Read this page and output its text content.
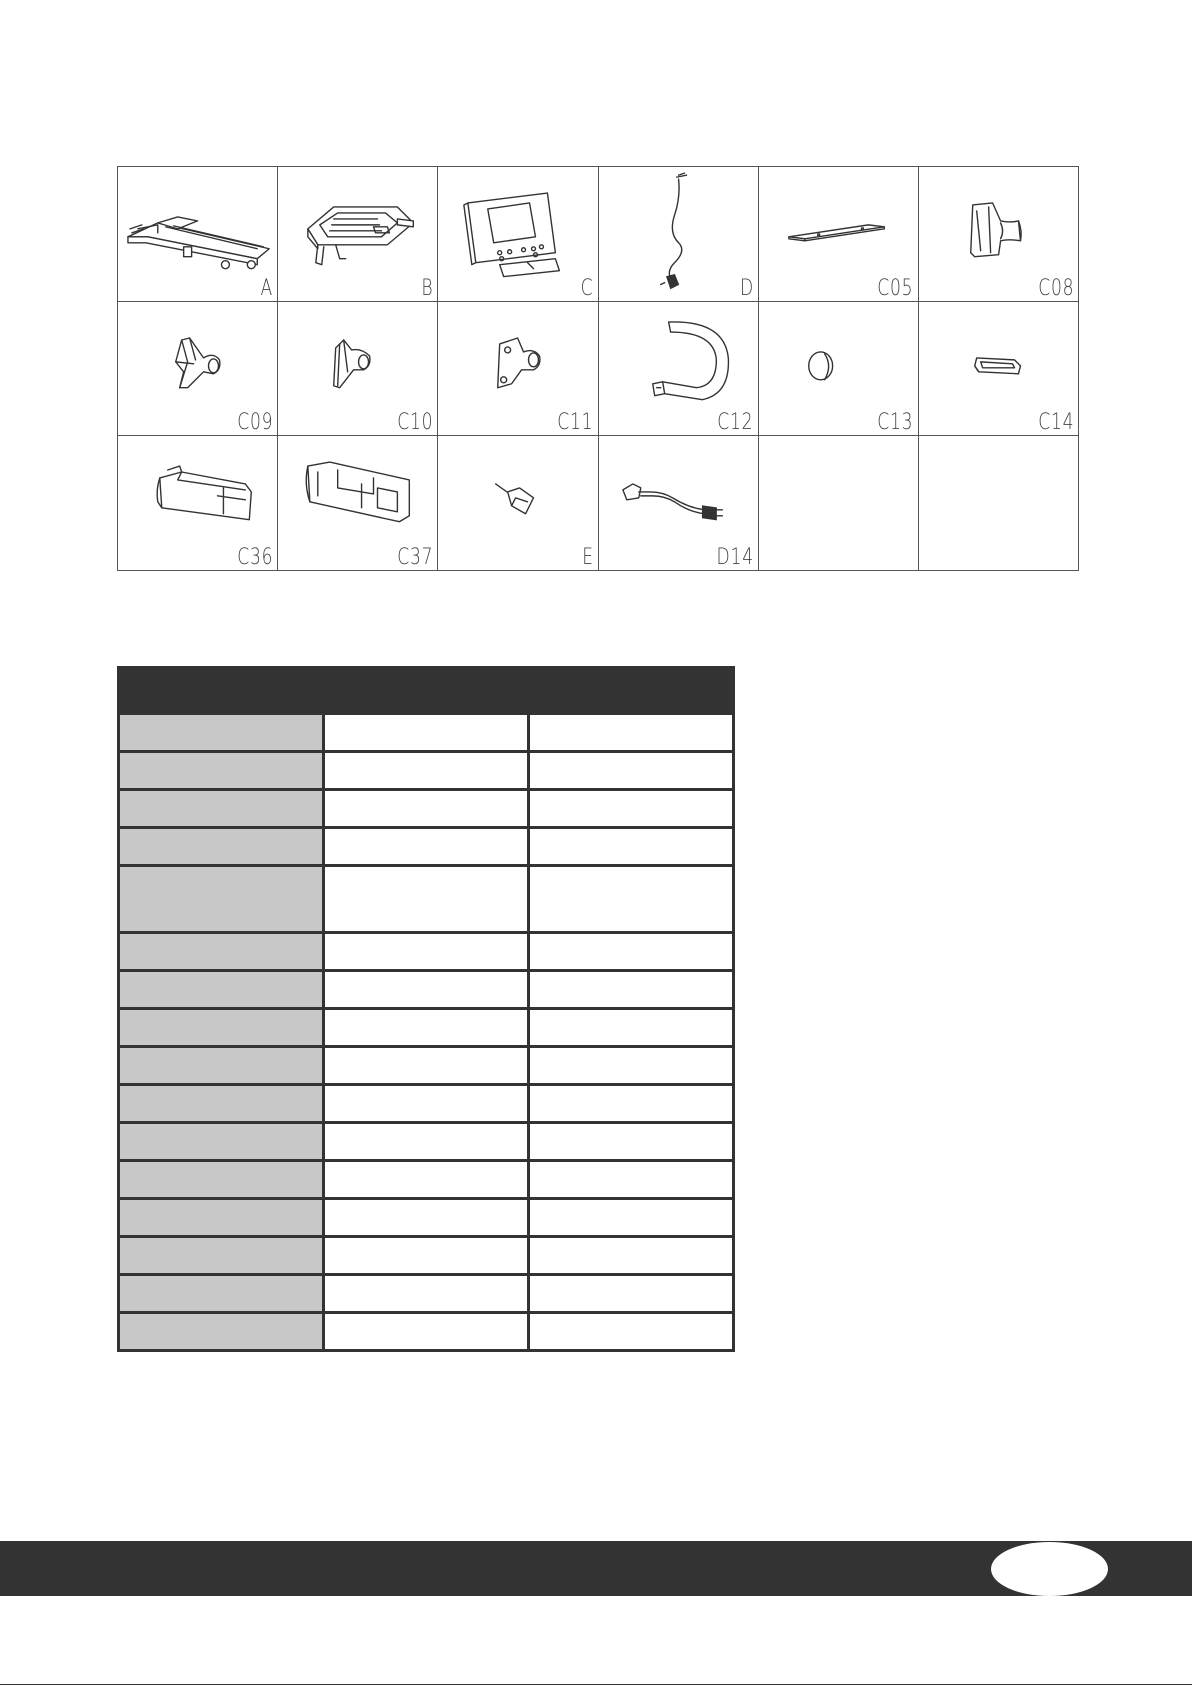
A	B	C	D	C05	C08
C09	C10	C11	C12	C13	C14
C36	C37	E	D14
